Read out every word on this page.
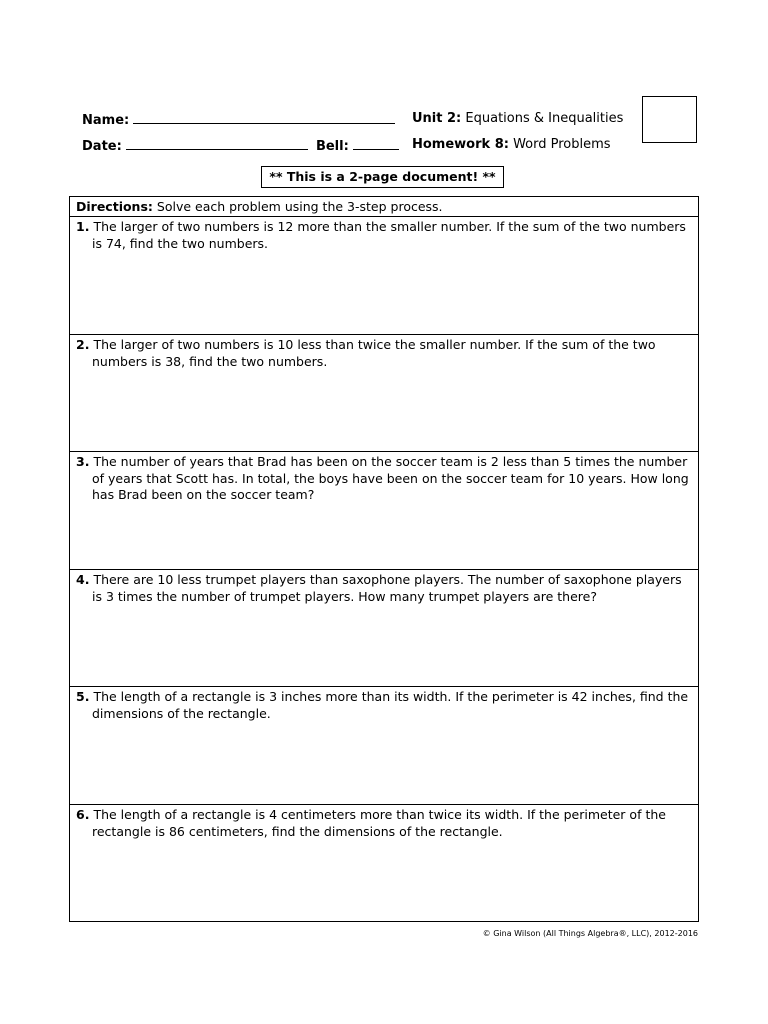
Name:
Date:	Bell:
Unit 2: Equations & Inequalities
Homework 8: Word Problems
** This is a 2-page document! **
Directions: Solve each problem using the 3-step process.
1. The larger of two numbers is 12 more than the smaller number. If the sum of the two numbers is 74, find the two numbers.
2. The larger of two numbers is 10 less than twice the smaller number. If the sum of the two numbers is 38, find the two numbers.
3. The number of years that Brad has been on the soccer team is 2 less than 5 times the number of years that Scott has. In total, the boys have been on the soccer team for 10 years. How long has Brad been on the soccer team?
4. There are 10 less trumpet players than saxophone players. The number of saxophone players is 3 times the number of trumpet players. How many trumpet players are there?
5. The length of a rectangle is 3 inches more than its width. If the perimeter is 42 inches, find the dimensions of the rectangle.
6. The length of a rectangle is 4 centimeters more than twice its width. If the perimeter of the rectangle is 86 centimeters, find the dimensions of the rectangle.
© Gina Wilson (All Things Algebra®, LLC), 2012-2016
